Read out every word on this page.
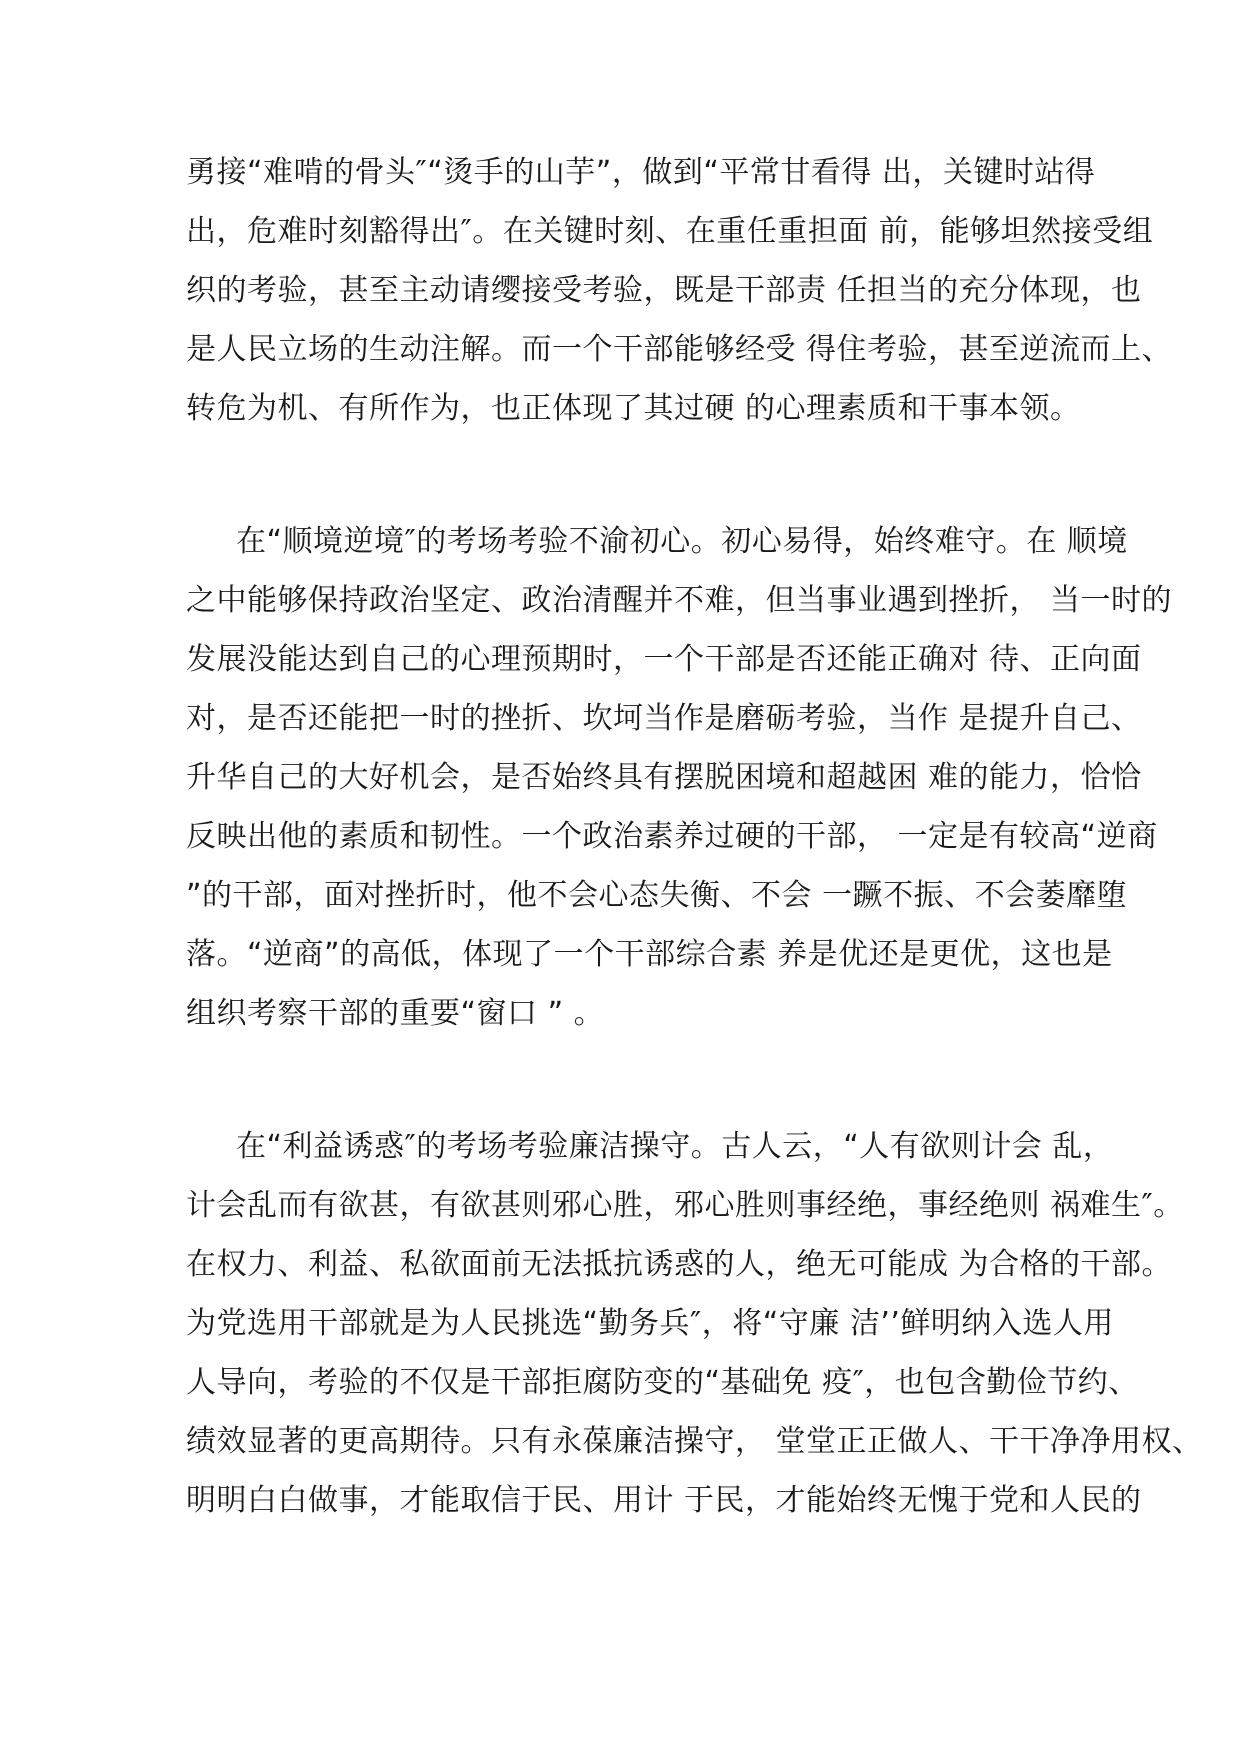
勇接“难啃的骨头″“烫手的山芋”，做到“平常甘看得 出，关键时站得
出，危难时刻豁得出″。在关键时刻、在重任重担面 前，能够坦然接受组
织的考验，甚至主动请缨接受考验，既是干部责 任担当的充分体现，也
是人民立场的生动注解。而一个干部能够经受 得住考验，甚至逆流而上、
转危为机、有所作为，也正体现了其过硬 的心理素质和干事本领。
在“顺境逆境″的考场考验不渝初心。初心易得，始终难守。在 顺境
之中能够保持政治坚定、政治清醒并不难，但当事业遇到挫折， 当一时的
发展没能达到自己的心理预期时，一个干部是否还能正确对 待、正向面
对，是否还能把一时的挫折、坎坷当作是磨砺考验，当作 是提升自己、
升华自己的大好机会，是否始终具有摆脱困境和超越困 难的能力，恰恰
反映出他的素质和韧性。一个政治素养过硬的干部， 一定是有较高“逆商
”的干部，面对挫折时，他不会心态失衡、不会 一蹶不振、不会萎靡堕
落。“逆商”的高低，体现了一个干部综合素 养是优还是更优，这也是
组织考察干部的重要“窗口 ” 。
在“利益诱惑″的考场考验廉洁操守。古人云，“人有欲则计会 乱，
计会乱而有欲甚，有欲甚则邪心胜，邪心胜则事经绝，事经绝则 祸难生″。
在权力、利益、私欲面前无法抵抗诱惑的人，绝无可能成 为合格的干部。
为党选用干部就是为人民挑选“勤务兵″，将“守廉 洁’’鲜明纳入选人用
人导向，考验的不仅是干部拒腐防变的“基础免 疫″，也包含勤俭节约、
绩效显著的更高期待。只有永葆廉洁操守， 堂堂正正做人、干干净净用权、
明明白白做事，才能取信于民、用计 于民，才能始终无愧于党和人民的
